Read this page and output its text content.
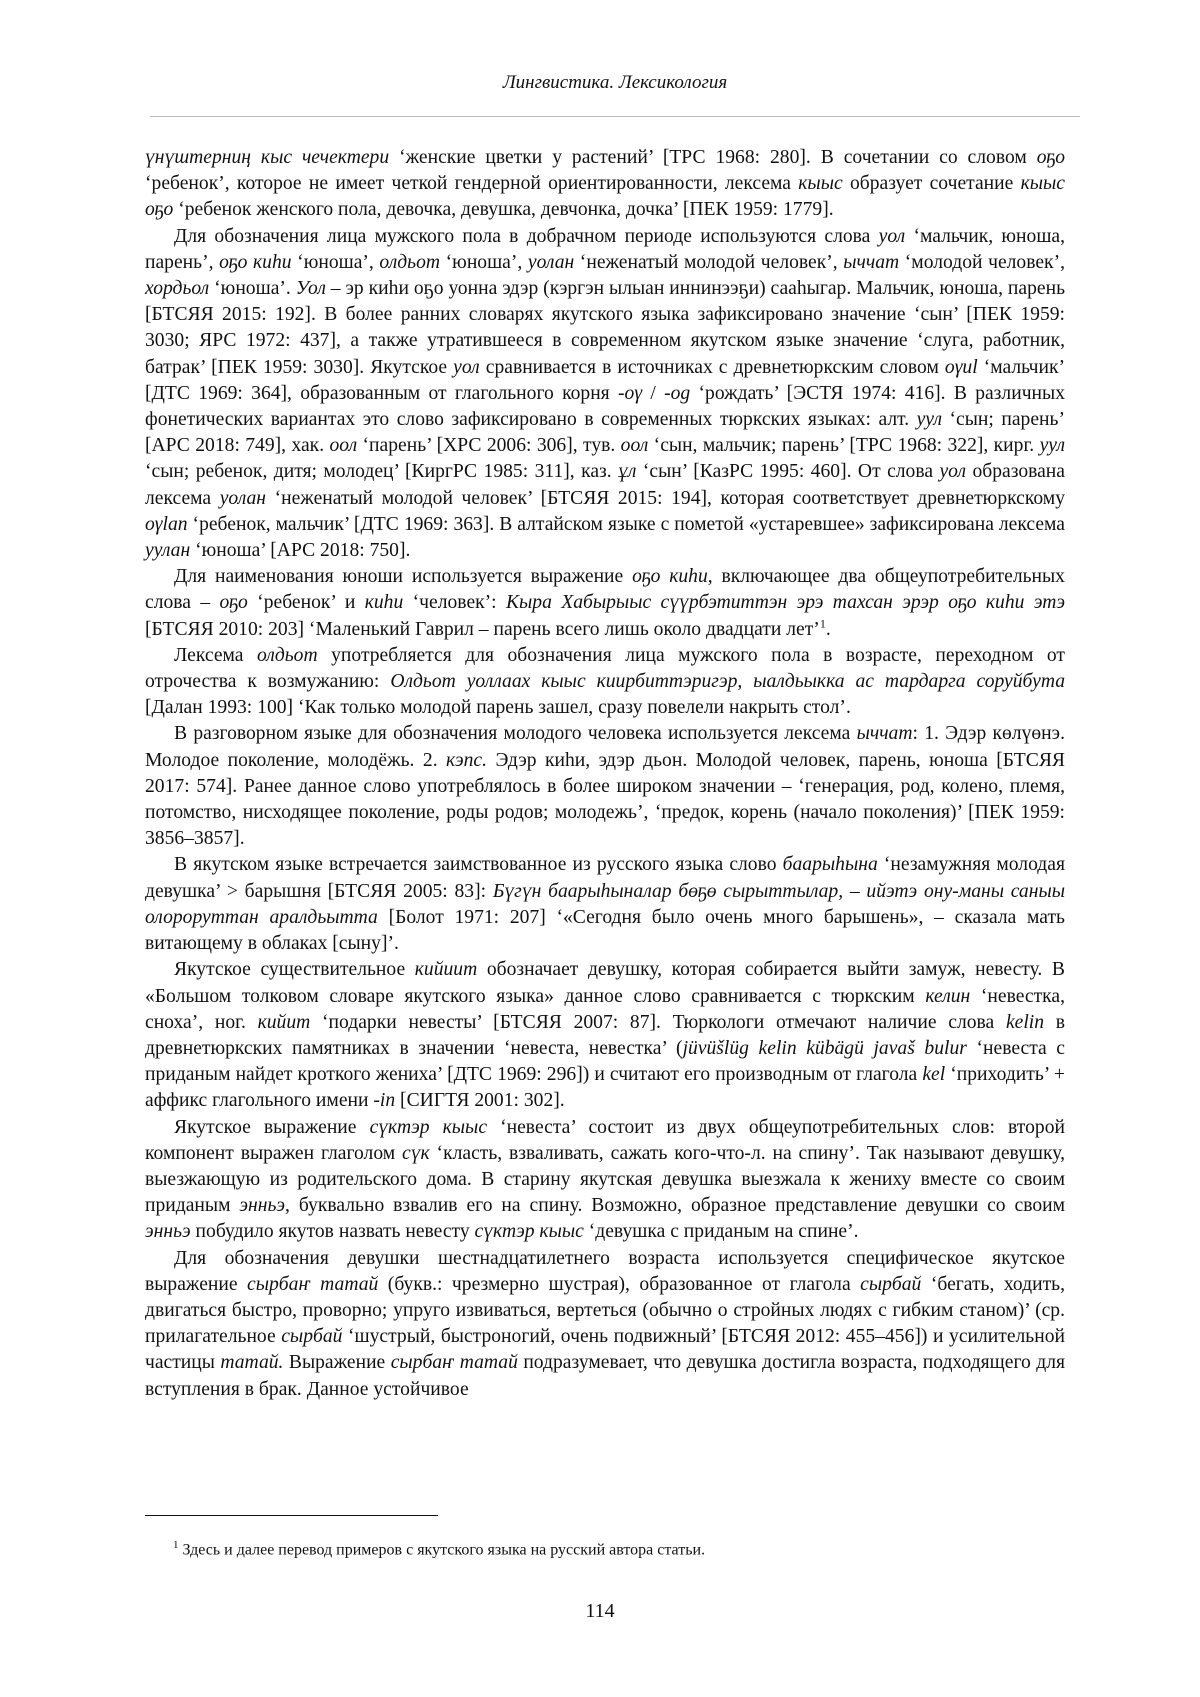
Лингвистика. Лексикология

үнүштерниң кыс чечектери ‘женские цветки у растений’ [ТРС 1968: 280]. В сочетании со словом оҕо ‘ребенок’, которое не имеет четкой гендерной ориентированности, лексема кыыс образует сочетание кыыс оҕо ‘ребенок женского пола, девочка, девушка, девчонка, дочка’ [ПЕК 1959: 1779].

Для обозначения лица мужского пола в добрачном периоде используются слова уол ‘мальчик, юноша, парень’, оҕо киһи ‘юноша’, олдьот ‘юноша’, уолан ‘неженатый молодой человек’, ыччат ‘молодой человек’, хордьол ‘юноша’. Уол – эр киһи оҕо уонна эдэр (кэргэн ылыан иннинээҕи) сааһыгар. Мальчик, юноша, парень [БТСЯЯ 2015: 192]. В более ранних словарях якутского языка зафиксировано значение ‘сын’ [ПЕК 1959: 3030; ЯРС 1972: 437], а также утратившееся в современном якутском языке значение ‘слуга, работник, батрак’ [ПЕК 1959: 3030]. Якутское уол сравнивается в источниках с древнетюркским словом oγul ‘мальчик’ [ДТС 1969: 364], образованным от глагольного корня -oγ / -og ‘рождать’ [ЭСТЯ 1974: 416]. В различных фонетических вариантах это слово зафиксировано в современных тюркских языках: алт. уул ‘сын; парень’ [АРС 2018: 749], хак. оол ‘парень’ [ХРС 2006: 306], тув. оол ‘сын, мальчик; парень’ [ТРС 1968: 322], кирг. уул ‘сын; ребенок, дитя; молодец’ [КиргРС 1985: 311], каз. ұл ‘сын’ [КазРС 1995: 460]. От слова уол образована лексема уолан ‘неженатый молодой человек’ [БТСЯЯ 2015: 194], которая соответствует древнетюркскому oγlan ‘ребенок, мальчик’ [ДТС 1969: 363]. В алтайском языке с пометой «устаревшее» зафиксирована лексема уулан ‘юноша’ [АРС 2018: 750].

Для наименования юноши используется выражение оҕо киһи, включающее два общеупотребительных слова – оҕо ‘ребенок’ и киһи ‘человек’: Кыра Хабырыыс сүүрбэтиттэн эрэ тахсан эрэр оҕо киһи этэ [БТСЯЯ 2010: 203] ‘Маленький Гаврил – парень всего лишь около двадцати лет’$^1$.

Лексема олдьот употребляется для обозначения лица мужского пола в возрасте, переходном от отрочества к возмужанию: Олдьот уоллаах кыыс киирбиттэригэр, ыалдьыкка ас тардарга соруйбута [Далан 1993: 100] ‘Как только молодой парень зашел, сразу повелели накрыть стол’.

В разговорном языке для обозначения молодого человека используется лексема ыччат: 1. Эдэр көлүөнэ. Молодое поколение, молодёжь. 2. кэпс. Эдэр киһи, эдэр дьон. Молодой человек, парень, юноша [БТСЯЯ 2017: 574]. Ранее данное слово употреблялось в более широком значении – ‘генерация, род, колено, племя, потомство, нисходящее поколение, роды родов; молодежь’, ‘предок, корень (начало поколения)’ [ПЕК 1959: 3856–3857].

В якутском языке встречается заимствованное из русского языка слово баарыһына ‘незамужняя молодая девушка’ > барышня [БТСЯЯ 2005: 83]: Бүгүн баарыһыналар бөҕө сырыттылар, – ийэтэ ону-маны саныы олороруттан аралдьытта [Болот 1971: 207] ‘«Сегодня было очень много барышень», – сказала мать витающему в облаках [сыну]’.

Якутское существительное кийиит обозначает девушку, которая собирается выйти замуж, невесту. В «Большом толковом словаре якутского языка» данное слово сравнивается с тюркским келин ‘невестка, сноха’, ног. кийит ‘подарки невесты’ [БТСЯЯ 2007: 87]. Тюркологи отмечают наличие слова kelin в древнетюркских памятниках в значении ‘невеста, невестка’ (jüvüšlüg kelin kübägü javaš bulur ‘невеста с приданым найдет кроткого жениха’ [ДТС 1969: 296]) и считают его производным от глагола kel ‘приходить’ + аффикс глагольного имени -in [СИГТЯ 2001: 302].

Якутское выражение сүктэр кыыс ‘невеста’ состоит из двух общеупотребительных слов: второй компонент выражен глаголом сүк ‘класть, взваливать, сажать кого-что-л. на спину’. Так называют девушку, выезжающую из родительского дома. В старину якутская девушка выезжала к жениху вместе со своим приданым энньэ, буквально взвалив его на спину. Возможно, образное представление девушки со своим энньэ побудило якутов назвать невесту сүктэр кыыс ‘девушка с приданым на спине’.

Для обозначения девушки шестнадцатилетнего возраста используется специфическое якутское выражение сырбаҥ татай (букв.: чрезмерно шустрая), образованное от глагола сырбай ‘бегать, ходить, двигаться быстро, проворно; упруго извиваться, вертеться (обычно о стройных людях с гибким станом)’ (ср. прилагательное сырбай ‘шустрый, быстроногий, очень подвижный’ [БТСЯЯ 2012: 455–456]) и усилительной частицы татай. Выражение сырбаҥ татай подразумевает, что девушка достигла возраста, подходящего для вступления в брак. Данное устойчивое

$^1$ Здесь и далее перевод примеров с якутского языка на русский автора статьи.
114
